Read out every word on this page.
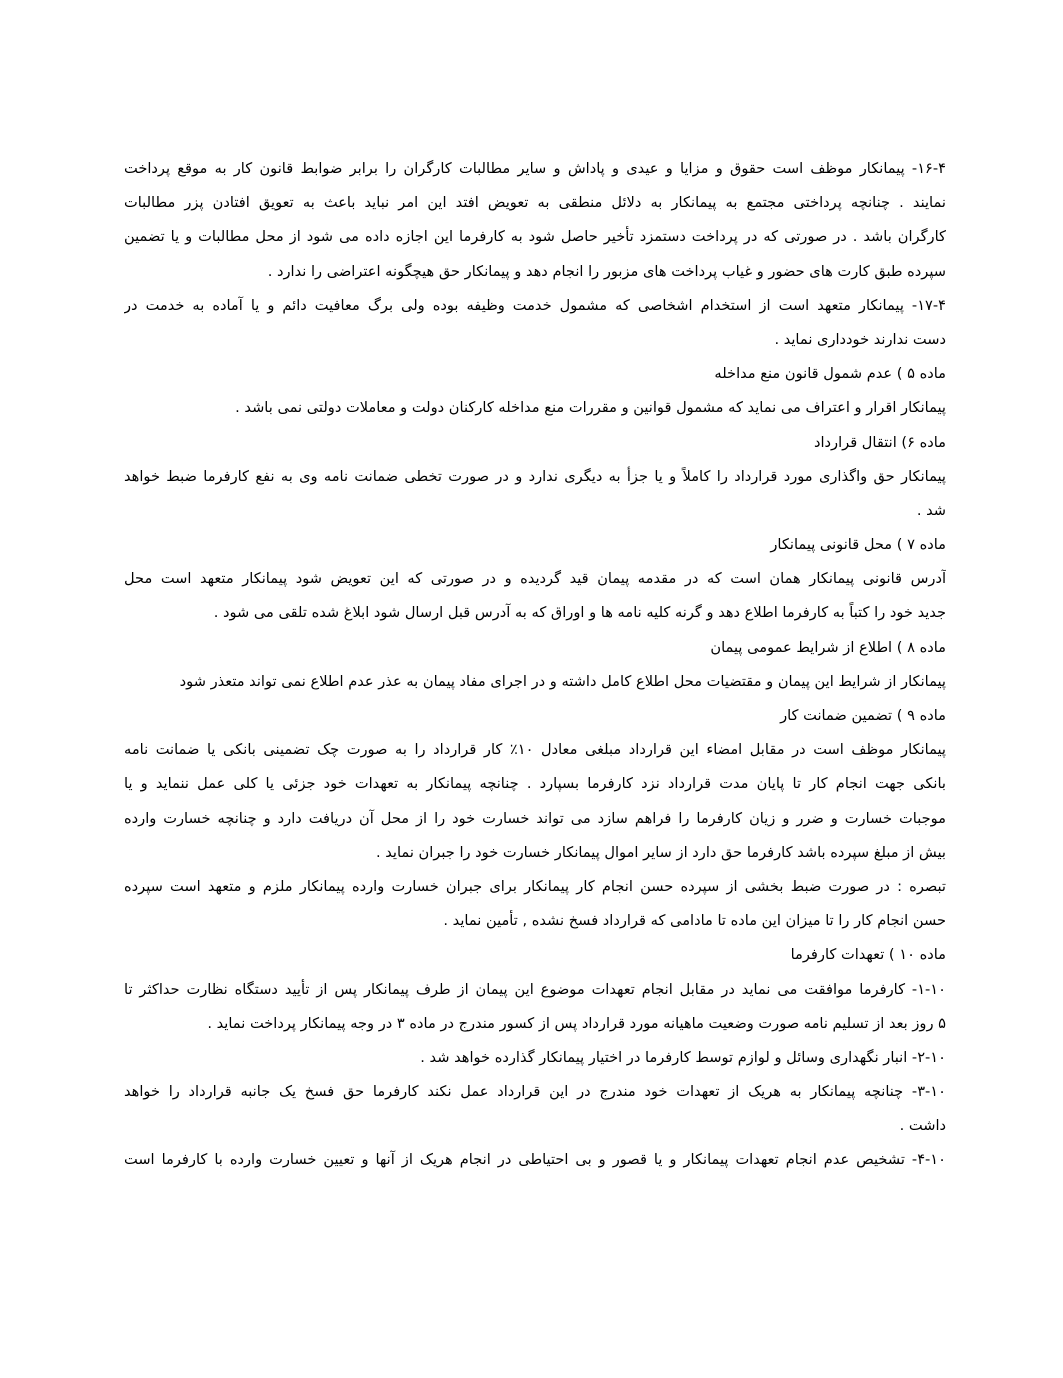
۱۶-۴- پیمانکار موظف است حقوق و مزایا و عیدی و پاداش و سایر مطالبات کارگران را برابر ضوابط قانون کار به موقع پرداخت
نمایند . چنانچه پرداختی مجتمع به پیمانکار به دلائل منطقی به تعویض افتد این امر نباید باعث به تعویق افتادن پزر مطالبات
کارگران باشد . در صورتی که در پرداخت دستمزد تأخیر حاصل شود به کارفرما این اجازه داده می شود از محل مطالبات و یا تضمین
سپرده طبق کارت های حضور و غیاب پرداخت های مزبور را انجام دهد و پیمانکار حق هیچگونه اعتراضی را ندارد .
۱۷-۴- پیمانکار متعهد است از استخدام اشخاصی که مشمول خدمت وظیفه بوده ولی برگ معافیت دائم و یا آماده به خدمت در
دست ندارند خودداری نماید .
ماده ۵ ) عدم شمول قانون منع مداخله
پیمانکار اقرار و اعتراف می نماید که مشمول قوانین و مقررات منع مداخله کارکنان دولت و معاملات دولتی نمی باشد .
ماده ۶) انتقال قرارداد
پیمانکار حق واگذاری مورد قرارداد را کاملاً و یا جزأ به دیگری ندارد و در صورت تخطی ضمانت نامه وی به نفع کارفرما ضبط خواهد
شد .
ماده ۷ ) محل قانونی پیمانکار
آدرس قانونی پیمانکار همان است که در مقدمه پیمان قید گردیده و در صورتی که این تعویض شود پیمانکار متعهد است محل
جدید خود را کتباً به کارفرما اطلاع دهد و گرنه کلیه نامه ها و اوراق که به آدرس قبل ارسال شود ابلاغ شده تلقی می شود .
ماده ۸ ) اطلاع از شرایط عمومی پیمان
پیمانکار از شرایط این پیمان و مقتضیات محل اطلاع کامل داشته و در اجرای مفاد پیمان به عذر عدم اطلاع نمی تواند متعذر شود
ماده ۹ ) تضمین ضمانت کار
پیمانکار موظف است در مقابل امضاء این قرارداد مبلغی معادل ۱۰٪ کار قرارداد را به صورت چک تضمینی بانکی یا ضمانت نامه
بانکی جهت انجام کار تا پایان مدت قرارداد نزد کارفرما بسپارد . چنانچه پیمانکار به تعهدات خود جزئی یا کلی عمل ننماید و یا
موجبات خسارت و ضرر و زیان کارفرما را فراهم سازد می تواند خسارت خود را از محل آن دریافت دارد و چنانچه خسارت وارده
بیش از مبلغ سپرده باشد کارفرما حق دارد از سایر اموال پیمانکار خسارت خود را جبران نماید .
تبصره : در صورت ضبط بخشی از سپرده حسن انجام کار پیمانکار برای جبران خسارت وارده پیمانکار ملزم و متعهد است سپرده
حسن انجام کار را تا میزان این ماده تا مادامی که قرارداد فسخ نشده , تأمین نماید .
ماده ۱۰ ) تعهدات کارفرما
۱-۱۰- کارفرما موافقت می نماید در مقابل انجام تعهدات موضوع این پیمان از طرف پیمانکار پس از تأیید دستگاه نظارت حداکثر تا
۵ روز بعد از تسلیم نامه صورت وضعیت ماهیانه مورد قرارداد پس از کسور مندرج در ماده ۳ در وجه پیمانکار پرداخت نماید .
۲-۱۰- انبار نگهداری وسائل و لوازم توسط کارفرما در اختیار پیمانکار گذارده خواهد شد .
۳-۱۰- چنانچه پیمانکار به هریک از تعهدات خود مندرج در این قرارداد عمل نکند کارفرما حق فسخ یک جانبه قرارداد را خواهد
داشت .
۴-۱۰- تشخیص عدم انجام تعهدات پیمانکار و یا قصور و بی احتیاطی در انجام هریک از آنها و تعیین خسارت وارده با کارفرما است
